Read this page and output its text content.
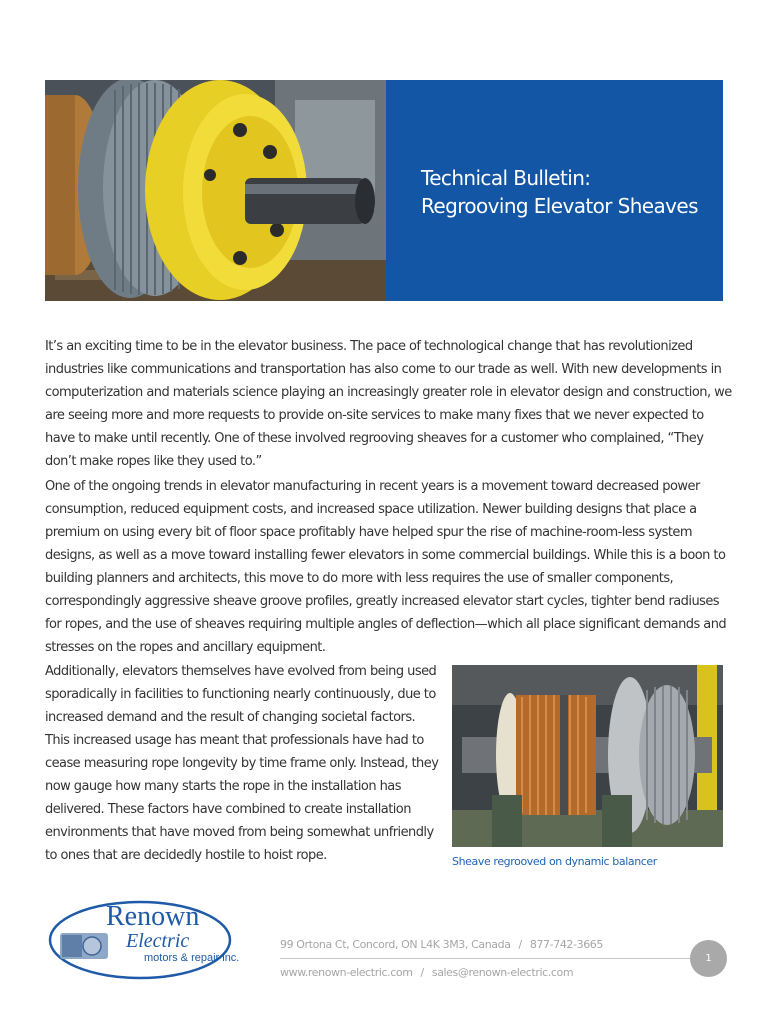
Technical Bulletin:
Regrooving Elevator Sheaves

It’s an exciting time to be in the elevator business. The pace of technological change that has revolutionized industries like communications and transportation has also come to our trade as well. With new developments in computerization and materials science playing an increasingly greater role in elevator design and construction, we are seeing more and more requests to provide on-site services to make many fixes that we never expected to have to make until recently. One of these involved regrooving sheaves for a customer who complained, “They don’t make ropes like they used to.”

One of the ongoing trends in elevator manufacturing in recent years is a movement toward decreased power consumption, reduced equipment costs, and increased space utilization. Newer building designs that place a premium on using every bit of floor space profitably have helped spur the rise of machine-room-less system designs, as well as a move toward installing fewer elevators in some commercial buildings. While this is a boon to building planners and architects, this move to do more with less requires the use of smaller components, correspondingly aggressive sheave groove profiles, greatly increased elevator start cycles, tighter bend radiuses for ropes, and the use of sheaves requiring multiple angles of deflection—which all place significant demands and stresses on the ropes and ancillary equipment.

Additionally, elevators themselves have evolved from being used sporadically in facilities to functioning nearly continuously, due to increased demand and the result of changing societal factors. This increased usage has meant that professionals have had to cease measuring rope longevity by time frame only. Instead, they now gauge how many starts the rope in the installation has delivered. These factors have combined to create installation environments that have moved from being somewhat unfriendly to ones that are decidedly hostile to hoist rope.	Sheave regrooved on dynamic balancer
Renown
Electric
motors & repair inc.
99 Ortona Ct, Concord, ON L4K 3M3, Canada / 877-742-3665
www.renown-electric.com / sales@renown-electric.com
1
